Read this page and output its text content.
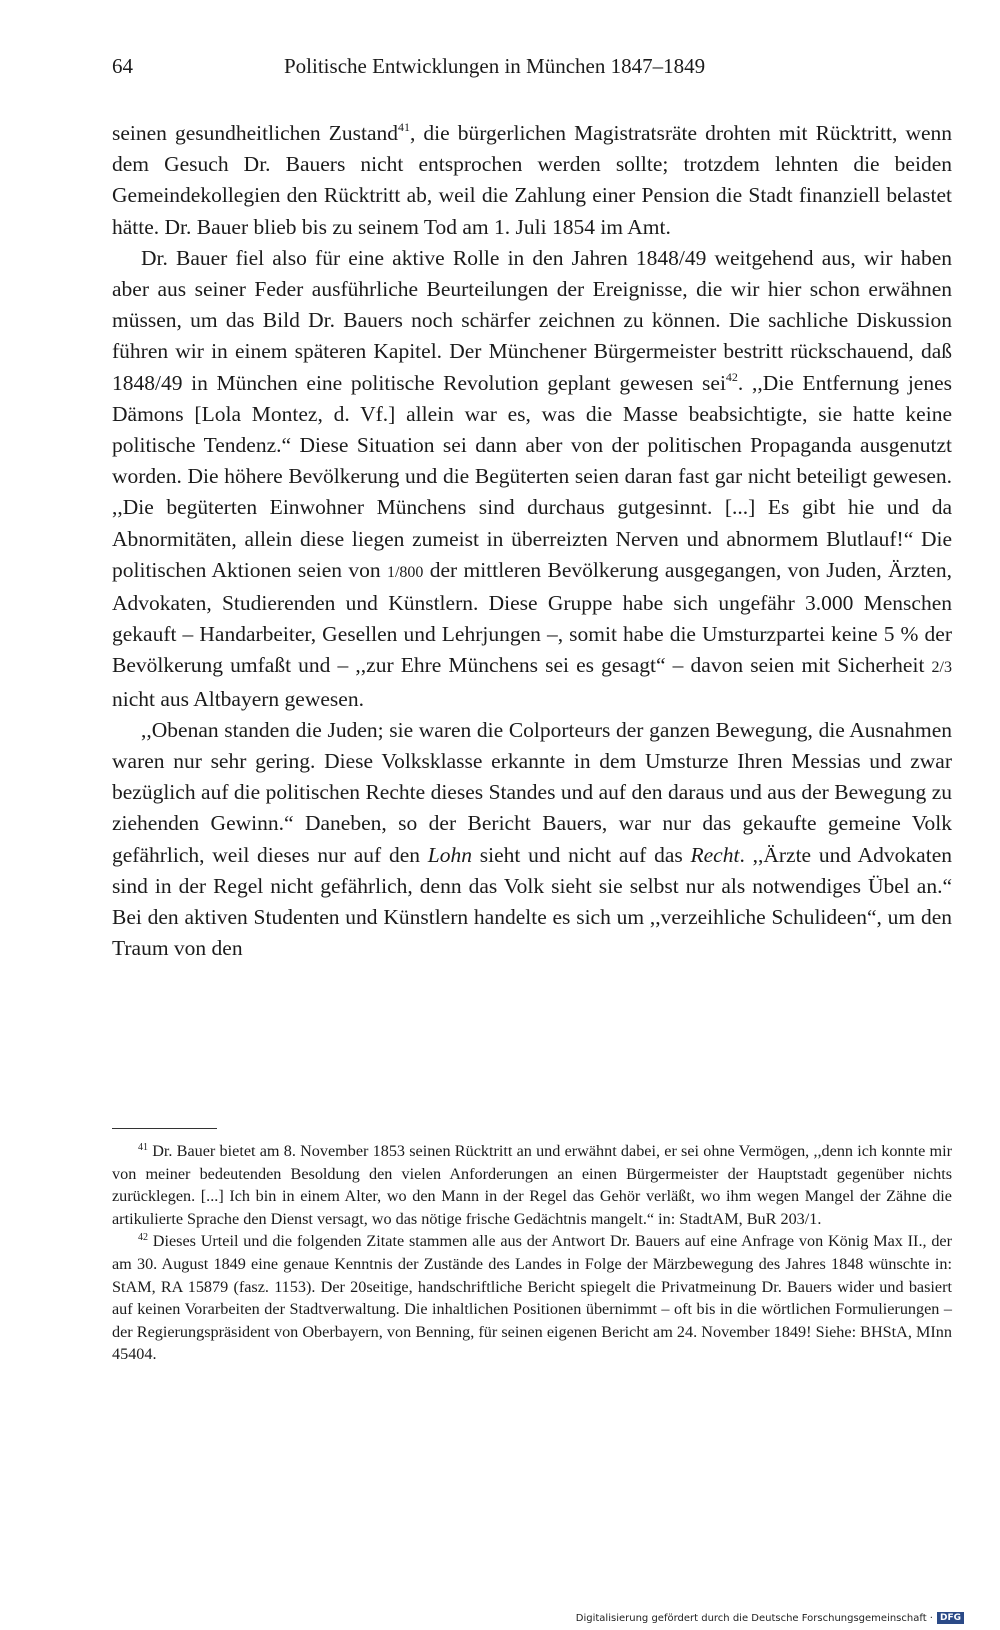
64	Politische Entwicklungen in München 1847–1849

seinen gesundheitlichen Zustand$^{41}$, die bürgerlichen Magistratsräte drohten mit Rücktritt, wenn dem Gesuch Dr. Bauers nicht entsprochen werden sollte; trotzdem lehnten die beiden Gemeindekollegien den Rücktritt ab, weil die Zahlung einer Pension die Stadt finanziell belastet hätte. Dr. Bauer blieb bis zu seinem Tod am 1. Juli 1854 im Amt.

Dr. Bauer fiel also für eine aktive Rolle in den Jahren 1848/49 weitgehend aus, wir haben aber aus seiner Feder ausführliche Beurteilungen der Ereignisse, die wir hier schon erwähnen müssen, um das Bild Dr. Bauers noch schärfer zeichnen zu können. Die sachliche Diskussion führen wir in einem späteren Kapitel. Der Münchener Bürgermeister bestritt rückschauend, daß 1848/49 in München eine politische Revolution geplant gewesen sei$^{42}$. ,,Die Entfernung jenes Dämons [Lola Montez, d. Vf.] allein war es, was die Masse beabsichtigte, sie hatte keine politische Tendenz.“ Diese Situation sei dann aber von der politischen Propaganda ausgenutzt worden. Die höhere Bevölkerung und die Begüterten seien daran fast gar nicht beteiligt gewesen. ,,Die begüterten Einwohner Münchens sind durchaus gutgesinnt. [...] Es gibt hie und da Abnormitäten, allein diese liegen zumeist in überreizten Nerven und abnormem Blutlauf!“ Die politischen Aktionen seien von 1/800 der mittleren Bevölkerung ausgegangen, von Juden, Ärzten, Advokaten, Studierenden und Künstlern. Diese Gruppe habe sich ungefähr 3.000 Menschen gekauft – Handarbeiter, Gesellen und Lehrjungen –, somit habe die Umsturzpartei keine 5 % der Bevölkerung umfaßt und – ,,zur Ehre Münchens sei es gesagt“ – davon seien mit Sicherheit 2/3 nicht aus Altbayern gewesen.

,,Obenan standen die Juden; sie waren die Colporteurs der ganzen Bewegung, die Ausnahmen waren nur sehr gering. Diese Volksklasse erkannte in dem Umsturze Ihren Messias und zwar bezüglich auf die politischen Rechte dieses Standes und auf den daraus und aus der Bewegung zu ziehenden Gewinn.“ Daneben, so der Bericht Bauers, war nur das gekaufte gemeine Volk gefährlich, weil dieses nur auf den Lohn sieht und nicht auf das Recht. ,,Ärzte und Advokaten sind in der Regel nicht gefährlich, denn das Volk sieht sie selbst nur als notwendiges Übel an.“ Bei den aktiven Studenten und Künstlern handelte es sich um ,,verzeihliche Schulideen“, um den Traum von den

$^{41}$ Dr. Bauer bietet am 8. November 1853 seinen Rücktritt an und erwähnt dabei, er sei ohne Vermögen, ,,denn ich konnte mir von meiner bedeutenden Besoldung den vielen Anforderungen an einen Bürgermeister der Hauptstadt gegenüber nichts zurücklegen. [...] Ich bin in einem Alter, wo den Mann in der Regel das Gehör verläßt, wo ihm wegen Mangel der Zähne die artikulierte Sprache den Dienst versagt, wo das nötige frische Gedächtnis mangelt.“ in: StadtAM, BuR 203/1.

$^{42}$ Dieses Urteil und die folgenden Zitate stammen alle aus der Antwort Dr. Bauers auf eine Anfrage von König Max II., der am 30. August 1849 eine genaue Kenntnis der Zustände des Landes in Folge der Märzbewegung des Jahres 1848 wünschte in: StAM, RA 15879 (fasz. 1153). Der 20seitige, handschriftliche Bericht spiegelt die Privatmeinung Dr. Bauers wider und basiert auf keinen Vorarbeiten der Stadtverwaltung. Die inhaltlichen Positionen übernimmt – oft bis in die wörtlichen Formulierungen – der Regierungspräsident von Oberbayern, von Benning, für seinen eigenen Bericht am 24. November 1849! Siehe: BHStA, MInn 45404.

Digitalisierung gefördert durch die Deutsche Forschungsgemeinschaft · DFG
